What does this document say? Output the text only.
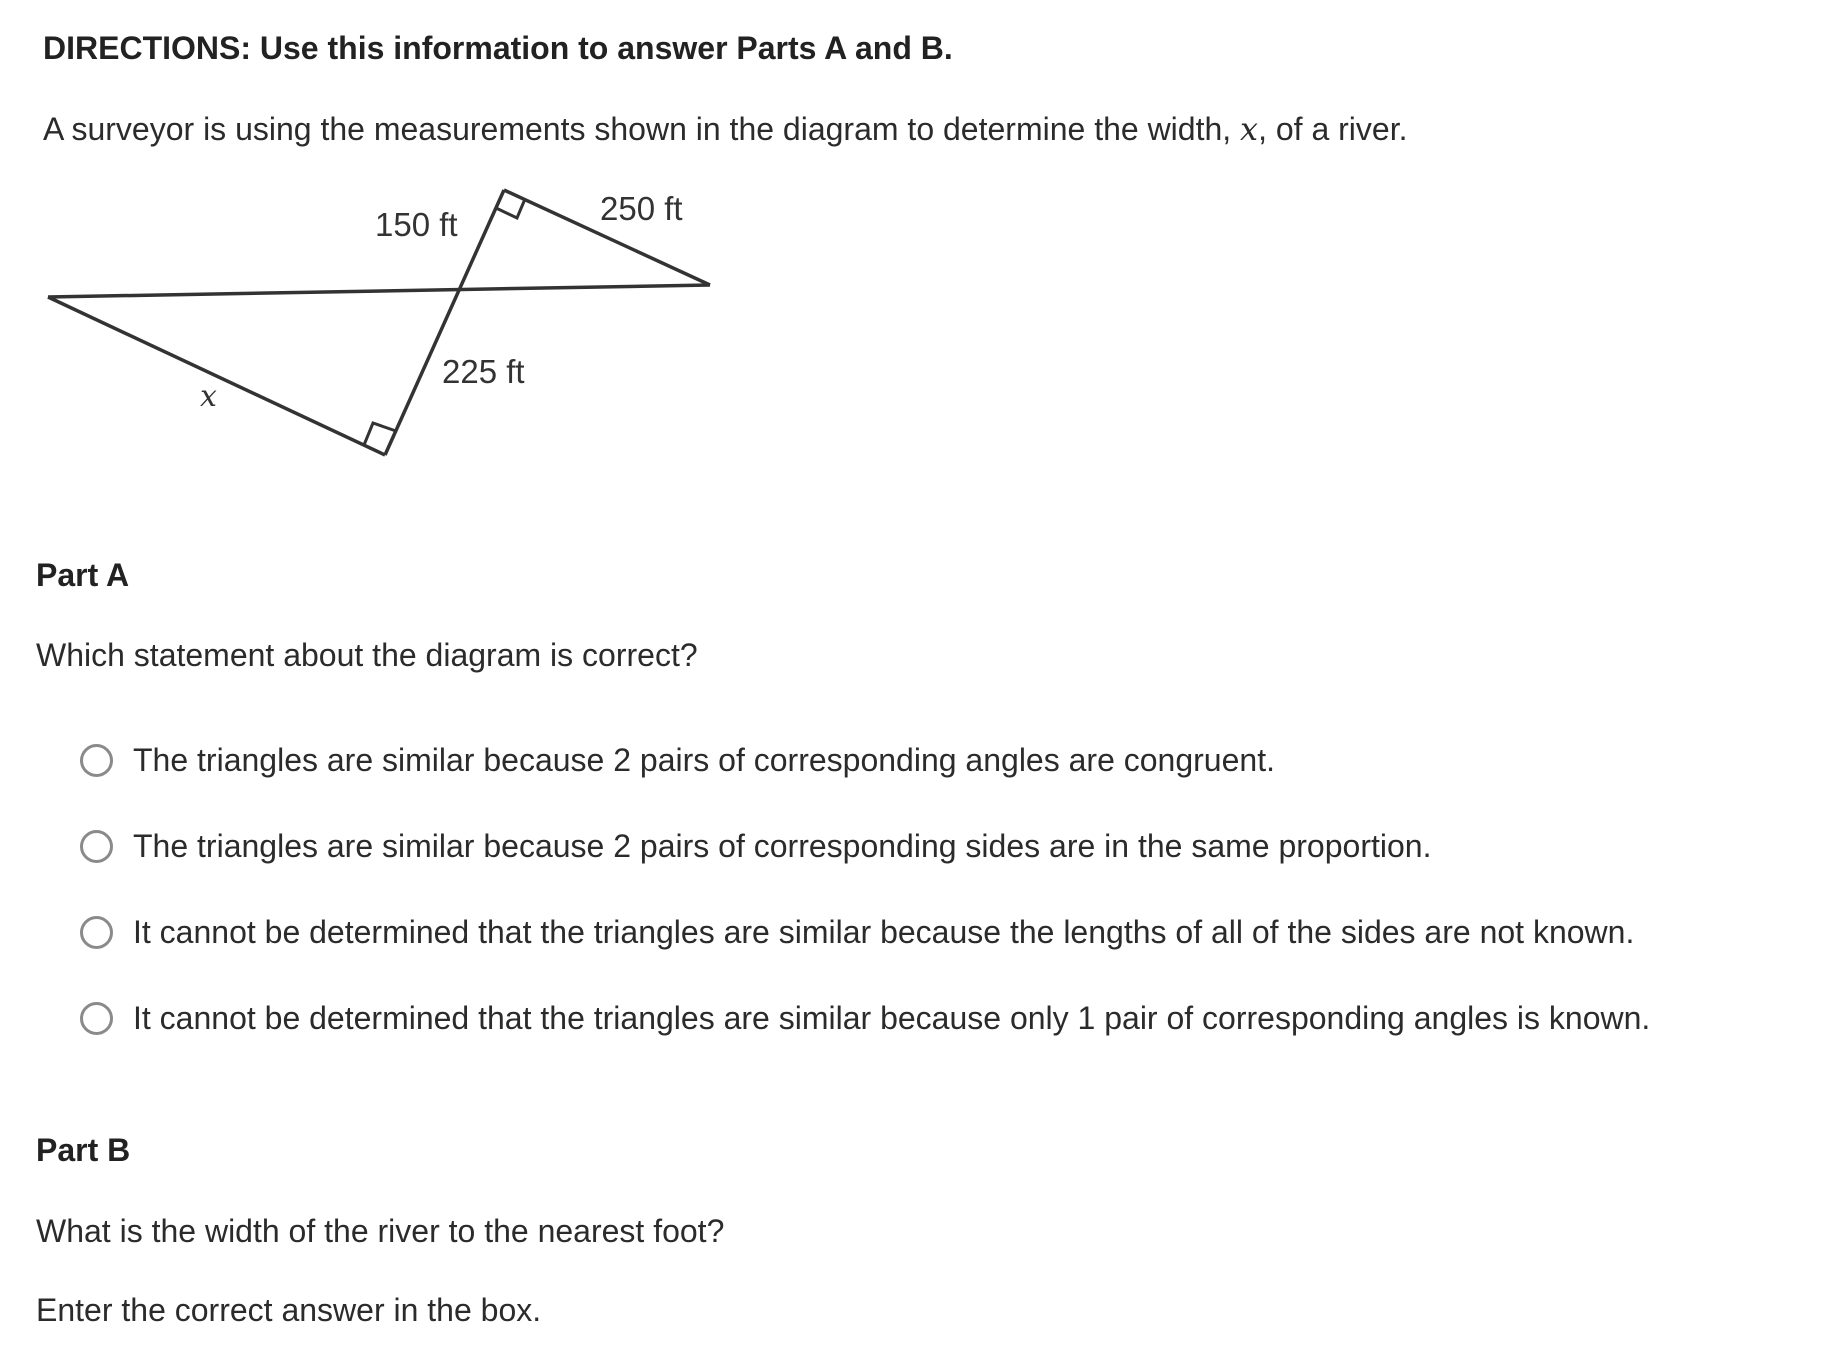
DIRECTIONS: Use this information to answer Parts A and B.
A surveyor is using the measurements shown in the diagram to determine the width, x, of a river.
150 ft	250 ft
225 ft
x
Part A
Which statement about the diagram is correct?
The triangles are similar because 2 pairs of corresponding angles are congruent.
The triangles are similar because 2 pairs of corresponding sides are in the same proportion.
It cannot be determined that the triangles are similar because the lengths of all of the sides are not known.
It cannot be determined that the triangles are similar because only 1 pair of corresponding angles is known.
Part B
What is the width of the river to the nearest foot?
Enter the correct answer in the box.
